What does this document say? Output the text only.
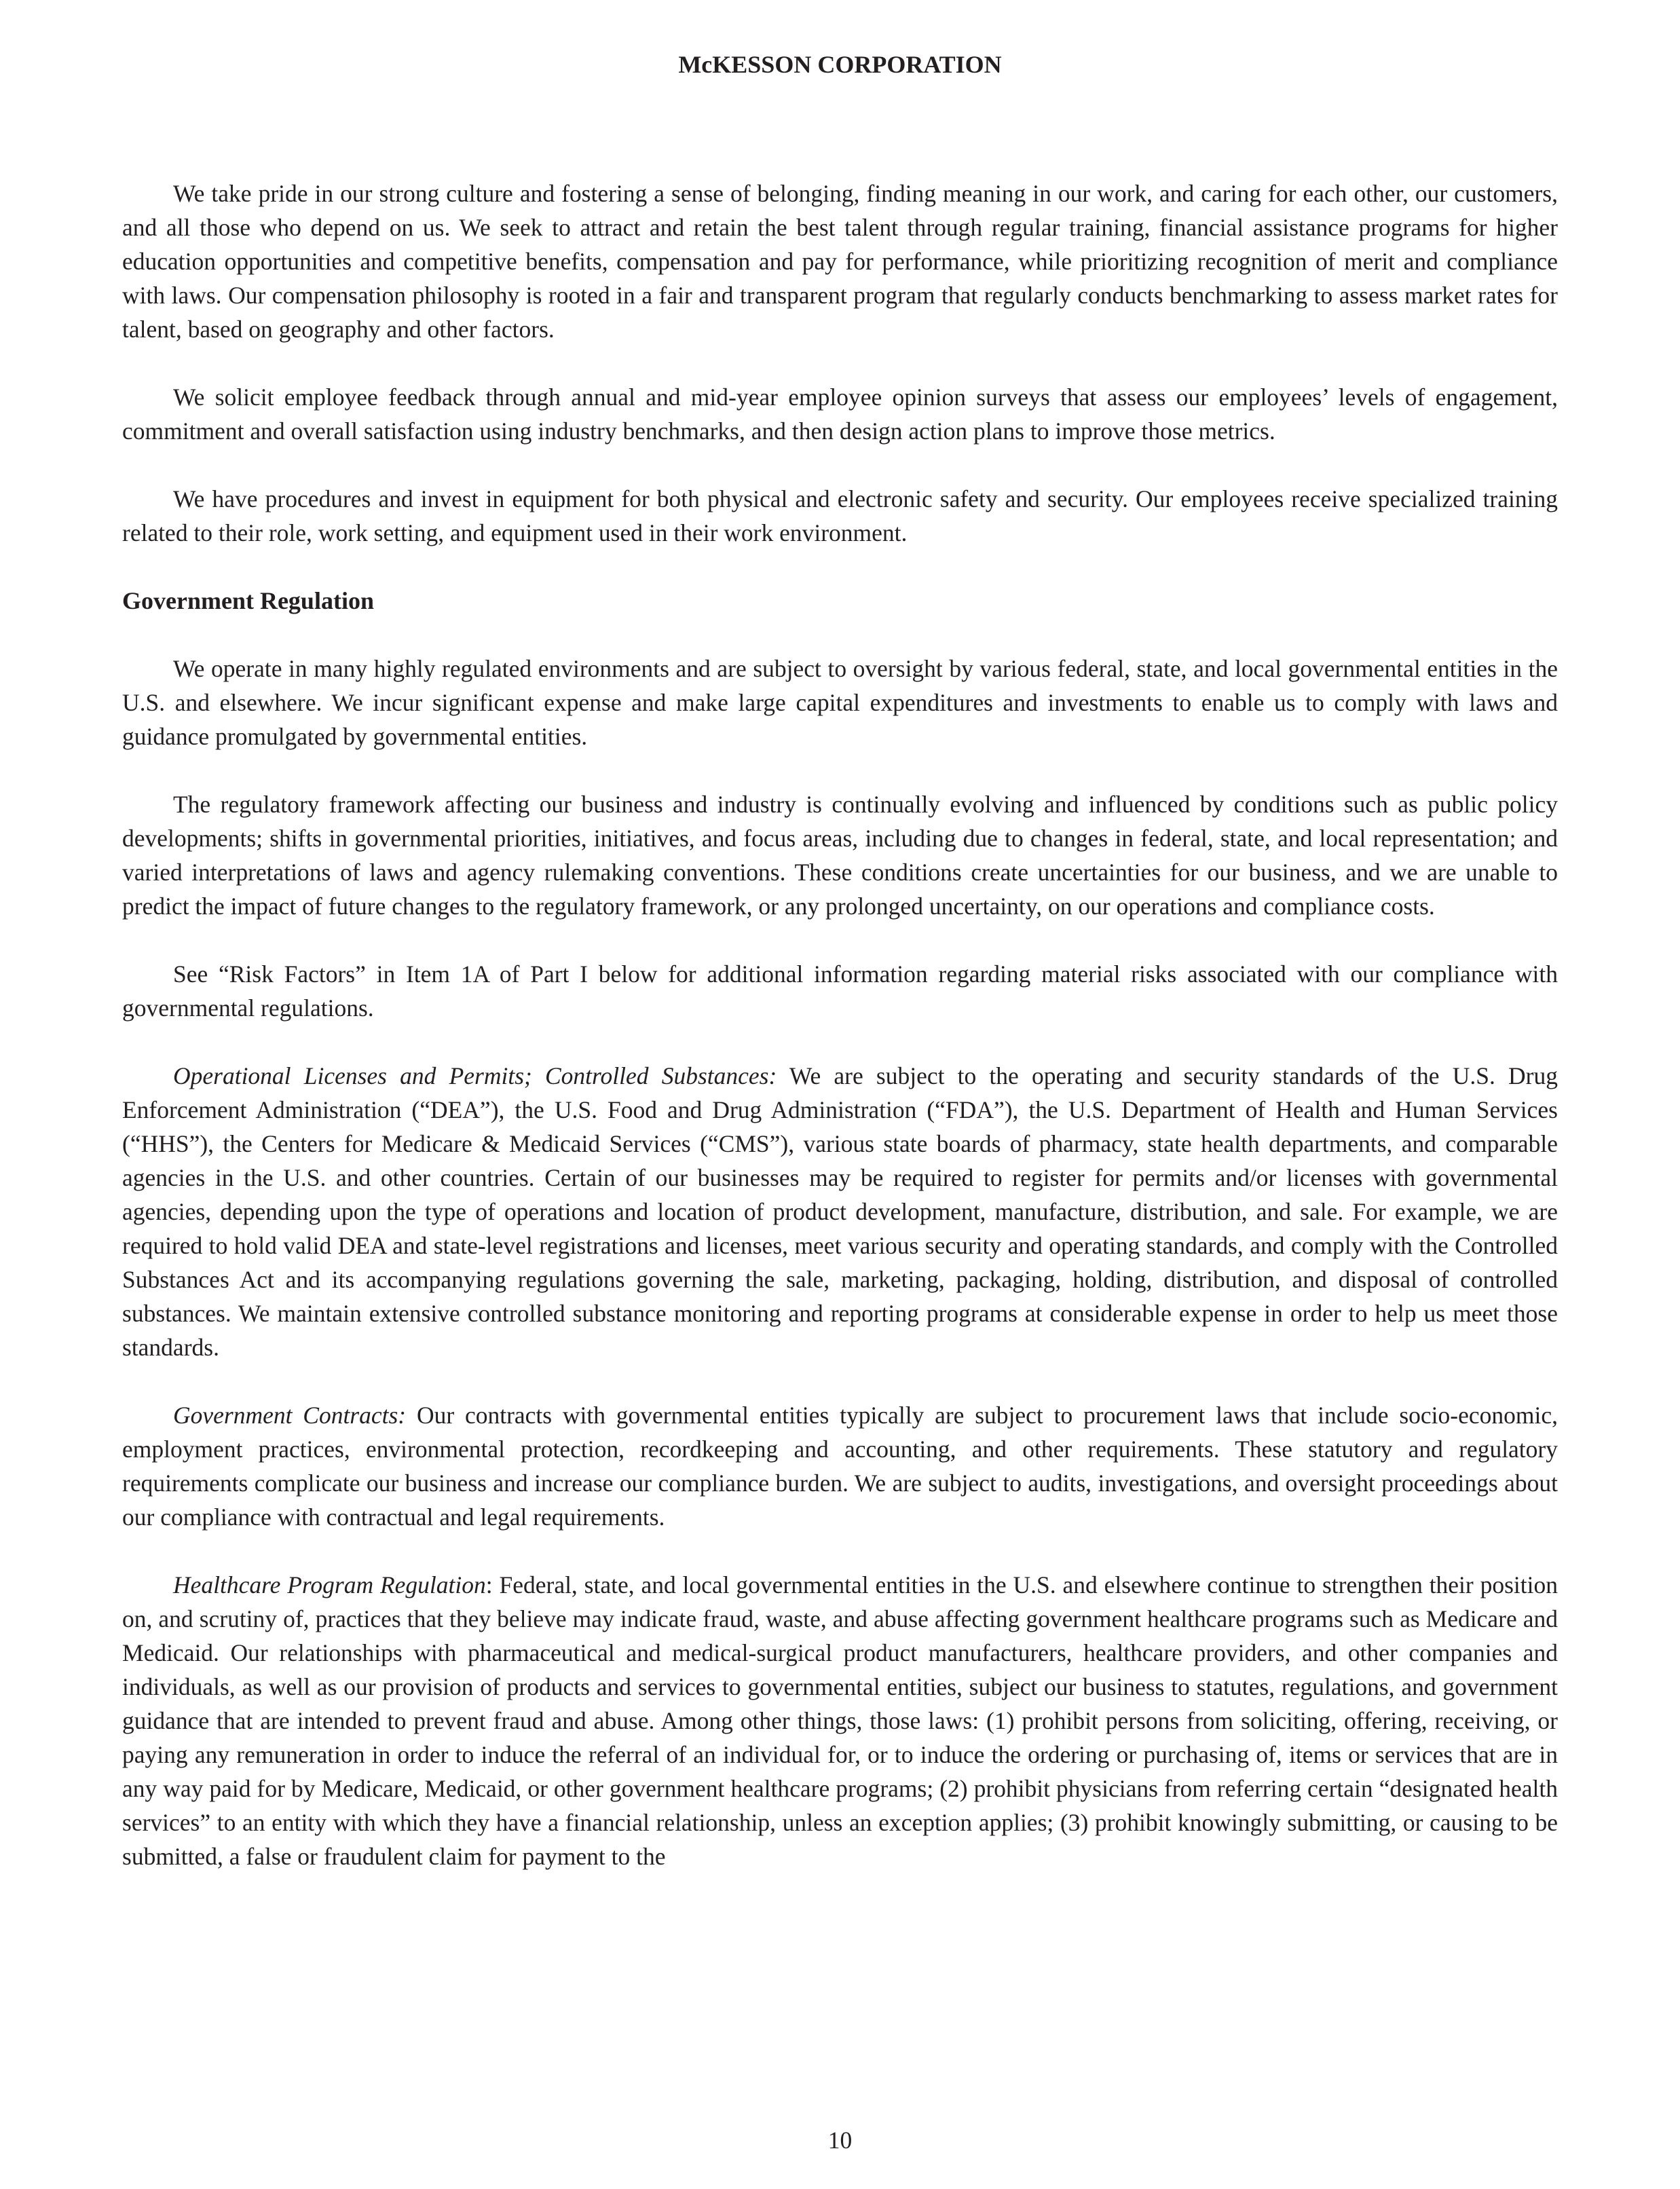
McKESSON CORPORATION

We take pride in our strong culture and fostering a sense of belonging, finding meaning in our work, and caring for each other, our customers, and all those who depend on us. We seek to attract and retain the best talent through regular training, financial assistance programs for higher education opportunities and competitive benefits, compensation and pay for performance, while prioritizing recognition of merit and compliance with laws. Our compensation philosophy is rooted in a fair and transparent program that regularly conducts benchmarking to assess market rates for talent, based on geography and other factors.

We solicit employee feedback through annual and mid-year employee opinion surveys that assess our employees’ levels of engagement, commitment and overall satisfaction using industry benchmarks, and then design action plans to improve those metrics.

We have procedures and invest in equipment for both physical and electronic safety and security. Our employees receive specialized training related to their role, work setting, and equipment used in their work environment.

Government Regulation

We operate in many highly regulated environments and are subject to oversight by various federal, state, and local governmental entities in the U.S. and elsewhere. We incur significant expense and make large capital expenditures and investments to enable us to comply with laws and guidance promulgated by governmental entities.

The regulatory framework affecting our business and industry is continually evolving and influenced by conditions such as public policy developments; shifts in governmental priorities, initiatives, and focus areas, including due to changes in federal, state, and local representation; and varied interpretations of laws and agency rulemaking conventions. These conditions create uncertainties for our business, and we are unable to predict the impact of future changes to the regulatory framework, or any prolonged uncertainty, on our operations and compliance costs.

See “Risk Factors” in Item 1A of Part I below for additional information regarding material risks associated with our compliance with governmental regulations.

Operational Licenses and Permits; Controlled Substances: We are subject to the operating and security standards of the U.S. Drug Enforcement Administration (“DEA”), the U.S. Food and Drug Administration (“FDA”), the U.S. Department of Health and Human Services (“HHS”), the Centers for Medicare & Medicaid Services (“CMS”), various state boards of pharmacy, state health departments, and comparable agencies in the U.S. and other countries. Certain of our businesses may be required to register for permits and/or licenses with governmental agencies, depending upon the type of operations and location of product development, manufacture, distribution, and sale. For example, we are required to hold valid DEA and state-level registrations and licenses, meet various security and operating standards, and comply with the Controlled Substances Act and its accompanying regulations governing the sale, marketing, packaging, holding, distribution, and disposal of controlled substances. We maintain extensive controlled substance monitoring and reporting programs at considerable expense in order to help us meet those standards.

Government Contracts: Our contracts with governmental entities typically are subject to procurement laws that include socio-economic, employment practices, environmental protection, recordkeeping and accounting, and other requirements. These statutory and regulatory requirements complicate our business and increase our compliance burden. We are subject to audits, investigations, and oversight proceedings about our compliance with contractual and legal requirements.

Healthcare Program Regulation: Federal, state, and local governmental entities in the U.S. and elsewhere continue to strengthen their position on, and scrutiny of, practices that they believe may indicate fraud, waste, and abuse affecting government healthcare programs such as Medicare and Medicaid. Our relationships with pharmaceutical and medical-surgical product manufacturers, healthcare providers, and other companies and individuals, as well as our provision of products and services to governmental entities, subject our business to statutes, regulations, and government guidance that are intended to prevent fraud and abuse. Among other things, those laws: (1) prohibit persons from soliciting, offering, receiving, or paying any remuneration in order to induce the referral of an individual for, or to induce the ordering or purchasing of, items or services that are in any way paid for by Medicare, Medicaid, or other government healthcare programs; (2) prohibit physicians from referring certain “designated health services” to an entity with which they have a financial relationship, unless an exception applies; (3) prohibit knowingly submitting, or causing to be submitted, a false or fraudulent claim for payment to the

10
